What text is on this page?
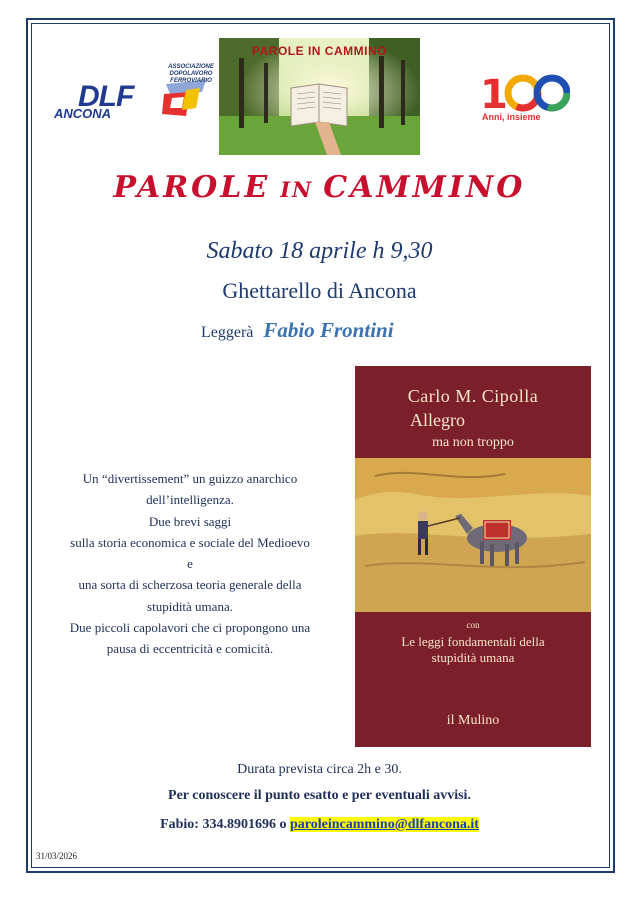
ASSOCIAZIONE
DOPOLAVORO
FERROVIARIO
DLF
ANCONA
PAROLE IN CAMMINO
1
Anni, insieme
PAROLE IN CAMMINO
Sabato 18 aprile h 9,30
Ghettarello di Ancona
Leggerà Fabio Frontini
Un “divertissement” un guizzo anarchico
dell’intelligenza.
Due brevi saggi
sulla storia economica e sociale del Medioevo
e
una sorta di scherzosa teoria generale della
stupidità umana.
Due piccoli capolavori che ci propongono una
pausa di eccentricità e comicità.
Carlo M. Cipolla
Allegro
ma non troppo
con
Le leggi fondamentali della
stupidità umana
il Mulino
Durata prevista circa 2h e 30.
Per conoscere il punto esatto e per eventuali avvisi.
Fabio: 334.8901696 o paroleincammino@dlfancona.it
31/03/2026
